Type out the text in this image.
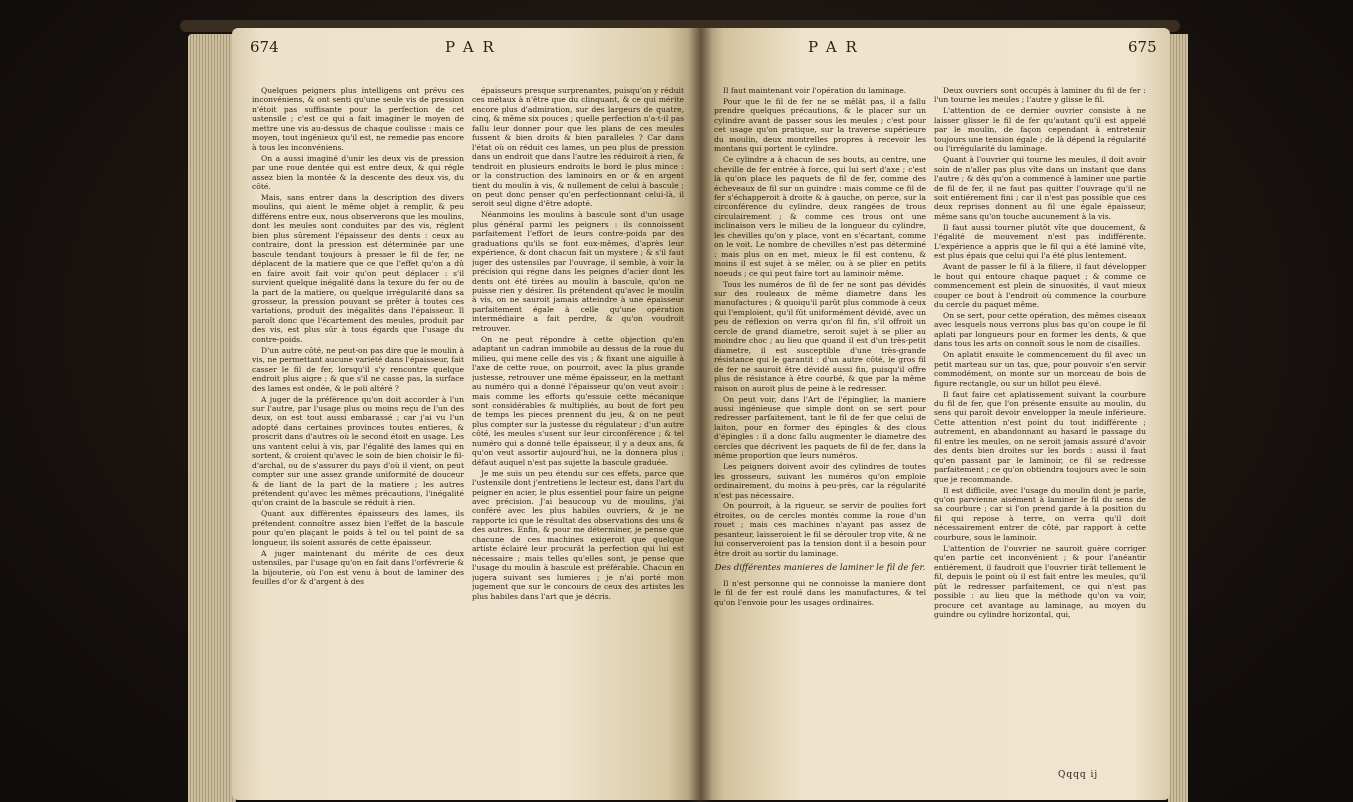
674	PAR	PAR	675

Quelques peigners plus intelligens ont prévu ces inconvéniens, & ont senti qu'une seule vis de pression n'étoit pas suffisante pour la perfection de cet ustensile ; c'est ce qui a fait imaginer le moyen de mettre une vis au-dessus de chaque coulisse : mais ce moyen, tout ingénieux qu'il est, ne remedie pas encore à tous les inconvéniens.

On a aussi imaginé d'unir les deux vis de pression par une roue dentée qui est entre deux, & qui régle assez bien la montée & la descente des deux vis, du côté.

Mais, sans entrer dans la description des divers moulins, qui aient le même objet à remplir, & peu différens entre eux, nous observerons que les moulins, dont les meules sont conduites par des vis, réglent bien plus sûrement l'épaisseur des dents : ceux au contraire, dont la pression est déterminée par une bascule tendant toujours à presser le fil de fer, ne déplacent de la matiere que ce que l'effet qu'on a dû en faire avoit fait voir qu'on peut déplacer : s'il survient quelque inégalité dans la texure du fer ou de la part de la matiere, ou quelque irrégularité dans sa grosseur, la pression pouvant se prêter à toutes ces variations, produit des inégalités dans l'épaisseur. Il paroît donc que l'écartement des meules, produit par des vis, est plus sûr à tous égards que l'usage du contre-poids.

D'un autre côté, ne peut-on pas dire que le moulin à vis, ne permettant aucune variété dans l'épaisseur, fait casser le fil de fer, lorsqu'il s'y rencontre quelque endroit plus aigre ; & que s'il ne casse pas, la surface des lames est ondée, & le poli altéré ?

A juger de la préférence qu'on doit accorder à l'un sur l'autre, par l'usage plus ou moins reçu de l'un des deux, on est tout aussi embarassé ; car j'ai vu l'un adopté dans certaines provinces toutes entieres, & proscrit dans d'autres où le second étoit en usage. Les uns vantent celui à vis, par l'égalité des lames qui en sortent, & croient qu'avec le soin de bien choisir le fil-d'archal, ou de s'assurer du pays d'où il vient, on peut compter sur une assez grande uniformité de douceur & de liant de la part de la matiere ; les autres prétendent qu'avec les mêmes précautions, l'inégalité qu'on craint de la bascule se réduit à rien.

Quant aux différentes épaisseurs des lames, ils prétendent connoître assez bien l'effet de la bascule pour qu'en plaçant le poids à tel ou tel point de sa longueur, ils soient assurés de cette épaisseur.

A juger maintenant du mérite de ces deux ustensiles, par l'usage qu'on en fait dans l'orfévrerie & la bijouterie, où l'on est venu à bout de laminer des feuilles d'or & d'argent à des

épaisseurs presque surprenantes, puisqu'on y réduit ces métaux à n'être que du clinquant, & ce qui mérite encore plus d'admiration, sur des largeurs de quatre, cinq, & même six pouces ; quelle perfection n'a-t-il pas fallu leur donner pour que les plans de ces meules fussent & bien droits & bien paralleles ? Car dans l'état où on réduit ces lames, un peu plus de pression dans un endroit que dans l'autre les réduiroit à rien, & tendroit en plusieurs endroits le bord le plus mince : or la construction des laminoirs en or & en argent tient du moulin à vis, & nullement de celui à bascule ; on peut donc penser qu'en perfectionnant celui-là, il seroit seul digne d'être adopté.

Néanmoins les moulins à bascule sont d'un usage plus général parmi les peigners : ils connoissent parfaitement l'effort de leurs contre-poids par des graduations qu'ils se font eux-mêmes, d'après leur expérience, & dont chacun fait un mystere ; & s'il faut juger des ustensiles par l'ouvrage, il semble, à voir la précision qui régne dans les peignes d'acier dont les dents ont été tirées au moulin à bascule, qu'on ne puisse rien y désirer. Ils prétendent qu'avec le moulin à vis, on ne sauroit jamais atteindre à une épaisseur parfaitement égale à celle qu'une opération intermédiaire a fait perdre, & qu'on voudroit retrouver.

On ne peut répondre à cette objection qu'en adaptant un cadran immobile au dessus de la roue du milieu, qui mene celle des vis ; & fixant une aiguille à l'axe de cette roue, on pourroit, avec la plus grande justesse, retrouver une même épaisseur, en la mettant au numéro qui a donné l'épaisseur qu'on veut avoir : mais comme les efforts qu'essuie cette mécanique sont considérables & multipliés, au bout de fort peu de temps les pieces prennent du jeu, & on ne peut plus compter sur la justesse du régulateur ; d'un autre côté, les meules s'usent sur leur circonférence ; & tel numéro qui a donné telle épaisseur, il y a deux ans, & qu'on veut assortir aujourd'hui, ne la donnera plus ; défaut auquel n'est pas sujette la bascule graduée.

Je me suis un peu étendu sur ces effets, parce que l'ustensile dont j'entretiens le lecteur est, dans l'art du peigner en acier, le plus essentiel pour faire un peigne avec précision. J'ai beaucoup vu de moulins, j'ai conféré avec les plus habiles ouvriers, & je ne rapporte ici que le résultat des observations des uns & des autres. Enfin, & pour me déterminer, je pense que chacune de ces machines exigeroit que quelque artiste éclairé leur procurât la perfection qui lui est nécessaire ; mais telles qu'elles sont, je pense que l'usage du moulin à bascule est préférable. Chacun en jugera suivant ses lumieres ; je n'ai porté mon jugement que sur le concours de ceux des artistes les plus habiles dans l'art que je décris.

Il faut maintenant voir l'opération du laminage.

Pour que le fil de fer ne se mêlât pas, il a fallu prendre quelques précautions, & le placer sur un cylindre avant de passer sous les meules ; c'est pour cet usage qu'on pratique, sur la traverse supérieure du moulin, deux montrelles propres à recevoir les montans qui portent le cylindre.

Ce cylindre a à chacun de ses bouts, au centre, une cheville de fer entrée à force, qui lui sert d'axe ; c'est là qu'on place les paquets de fil de fer, comme des écheveaux de fil sur un guindre : mais comme ce fil de fer s'échapperoit à droite & à gauche, on perce, sur la circonférence du cylindre, deux rangées de trous circulairement ; & comme ces trous ont une inclinaison vers le milieu de la longueur du cylindre, les chevilles qu'on y place, vont en s'écartant, comme on le voit. Le nombre de chevilles n'est pas déterminé : mais plus on en met, mieux le fil est contenu, & moins il est sujet à se mêler, ou à se plier en petits noeuds ; ce qui peut faire tort au laminoir même.

Tous les numéros de fil de fer ne sont pas dévidés sur des rouleaux de même diametre dans les manufactures ; & quoiqu'il parût plus commode à ceux qui l'emploient, qu'il fût uniformément dévidé, avec un peu de réflexion on verra qu'on fil fin, s'il offroit un cercle de grand diametre, seroit sujet à se plier au moindre choc ; au lieu que quand il est d'un très-petit diametre, il est susceptible d'une très-grande résistance qui le garantit : d'un autre côté, le gros fil de fer ne sauroit être dévidé aussi fin, puisqu'il offre plus de résistance à être courbé, & que par la même raison on auroit plus de peine à le redresser.

On peut voir, dans l'Art de l'épinglier, la maniere aussi ingénieuse que simple dont on se sert pour redresser parfaitement, tant le fil de fer que celui de laiton, pour en former des épingles & des clous d'épingles : il a donc fallu augmenter le diametre des cercles que décrivent les paquets de fil de fer, dans la même proportion que leurs numéros.

Les peigners doivent avoir des cylindres de toutes les grosseurs, suivant les numéros qu'on emploie ordinairement, du moins à peu-près, car la régularité n'est pas nécessaire.

On pourroit, à la rigueur, se servir de poulies fort étroites, ou de cercles montés comme la roue d'un rouet ; mais ces machines n'ayant pas assez de pesanteur, laisseroient le fil se dérouler trop vite, & ne lui conserveroient pas la tension dont il a besoin pour être droit au sortir du laminage.

Des différentes manieres de laminer le fil de fer.

Il n'est personne qui ne connoisse la maniere dont le fil de fer est roulé dans les manufactures, & tel qu'on l'envoie pour les usages ordinaires.

Deux ouvriers sont occupés à laminer du fil de fer : l'un tourne les meules ; l'autre y glisse le fil.

L'attention de ce dernier ouvrier consiste à ne laisser glisser le fil de fer qu'autant qu'il est appelé par le moulin, de façon cependant à entretenir toujours une tension égale ; de là dépend la régularité ou l'irrégularité du laminage.

Quant à l'ouvrier qui tourne les meules, il doit avoir soin de n'aller pas plus vîte dans un instant que dans l'autre ; & dès qu'on a commencé à laminer une partie de fil de fer, il ne faut pas quitter l'ouvrage qu'il ne soit entiérement fini ; car il n'est pas possible que ces deux reprises donnent au fil une égale épaisseur, même sans qu'on touche aucunement à la vis.

Il faut aussi tourner plutôt vîte que doucement, & l'égalité de mouvement n'est pas indifférente. L'expérience a appris que le fil qui a été laminé vîte, est plus épais que celui qui l'a été plus lentement.

Avant de passer le fil à la filiere, il faut développer le bout qui entoure chaque paquet ; & comme ce commencement est plein de sinuosités, il vaut mieux couper ce bout à l'endroit où commence la courbure du cercle du paquet même.

On se sert, pour cette opération, des mêmes ciseaux avec lesquels nous verrons plus bas qu'on coupe le fil aplati par longueurs pour en former les dents, & que dans tous les arts on connoît sous le nom de cisailles.

On aplatit ensuite le commencement du fil avec un petit marteau sur un tas, que, pour pouvoir s'en servir commodément, on monte sur un morceau de bois de figure rectangle, ou sur un billot peu élevé.

Il faut faire cet aplatissement suivant la courbure du fil de fer, que l'on présente ensuite au moulin, du sens qui paroît devoir envelopper la meule inférieure. Cette attention n'est point du tout indifférente ; autrement, en abandonnant au hasard le passage du fil entre les meules, on ne seroit jamais assuré d'avoir des dents bien droites sur les bords : aussi il faut qu'en passant par le laminoir, ce fil se redresse parfaitement ; ce qu'on obtiendra toujours avec le soin que je recommande.

Il est difficile, avec l'usage du moulin dont je parle, qu'on parvienne aisément à laminer le fil du sens de sa courbure ; car si l'on prend garde à la position du fil qui repose à terre, on verra qu'il doit nécessairement entrer de côté, par rapport à cette courbure, sous le laminoir.

L'attention de l'ouvrier ne sauroit guère corriger qu'en partie cet inconvénient ; & pour l'anéantir entiérement, il faudroit que l'ouvrier tirât tellement le fil, depuis le point où il est fait entre les meules, qu'il pût le redresser parfaitement, ce qui n'est pas possible : au lieu que la méthode qu'on va voir, procure cet avantage au laminage, au moyen du guindre ou cylindre horizontal, qui,

Qqqq ij
